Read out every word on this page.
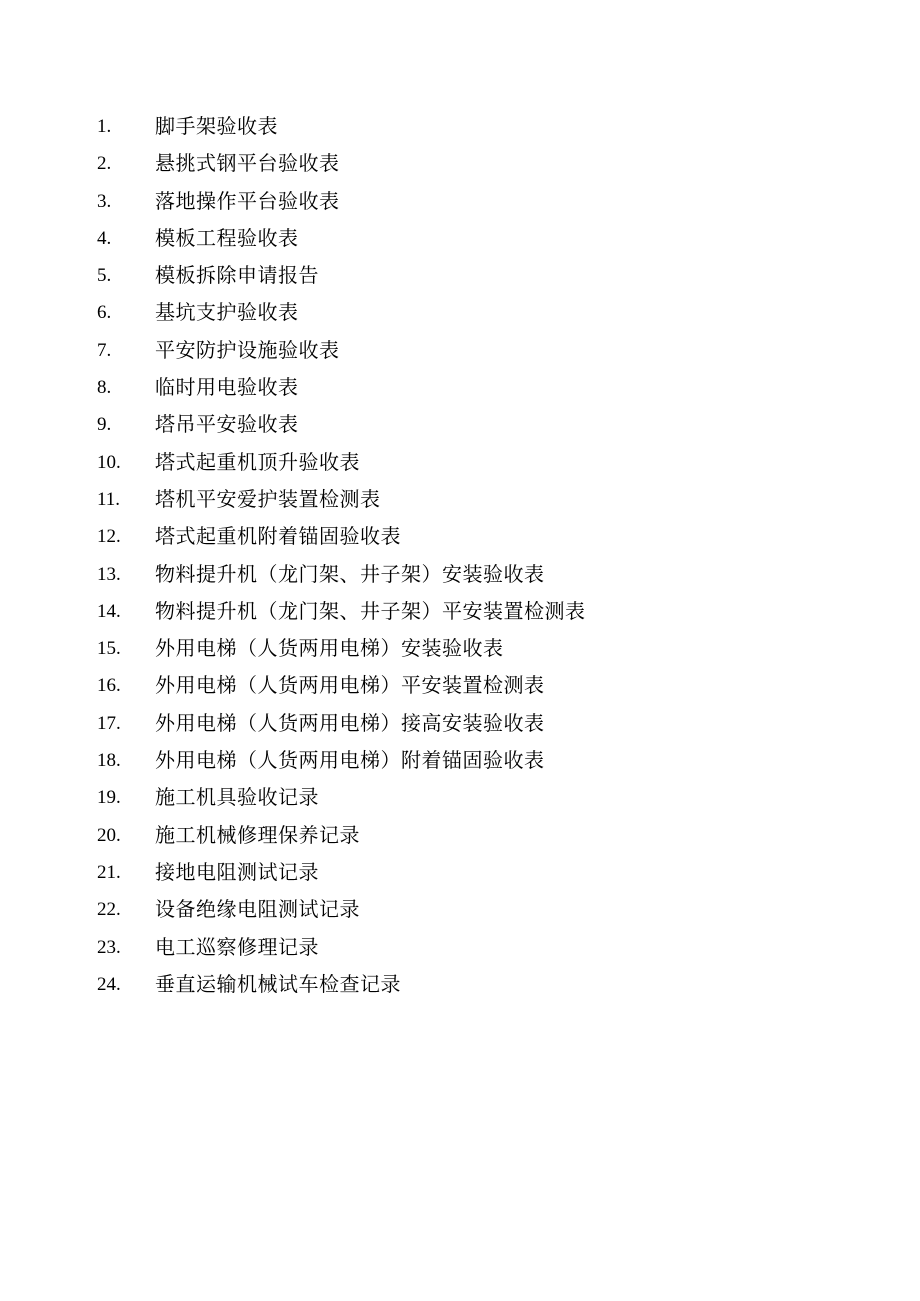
1.	脚手架验收表
2.	悬挑式钢平台验收表
3.	落地操作平台验收表
4.	模板工程验收表
5.	模板拆除申请报告
6.	基坑支护验收表
7.	平安防护设施验收表
8.	临时用电验收表
9.	塔吊平安验收表
10.	塔式起重机顶升验收表
11.	塔机平安爱护装置检测表
12.	塔式起重机附着锚固验收表
13.	物料提升机（龙门架、井子架）安装验收表
14.	物料提升机（龙门架、井子架）平安装置检测表
15.	外用电梯（人货两用电梯）安装验收表
16.	外用电梯（人货两用电梯）平安装置检测表
17.	外用电梯（人货两用电梯）接高安装验收表
18.	外用电梯（人货两用电梯）附着锚固验收表
19.	施工机具验收记录
20.	施工机械修理保养记录
21.	接地电阻测试记录
22.	设备绝缘电阻测试记录
23.	电工巡察修理记录
24.	垂直运输机械试车检查记录
